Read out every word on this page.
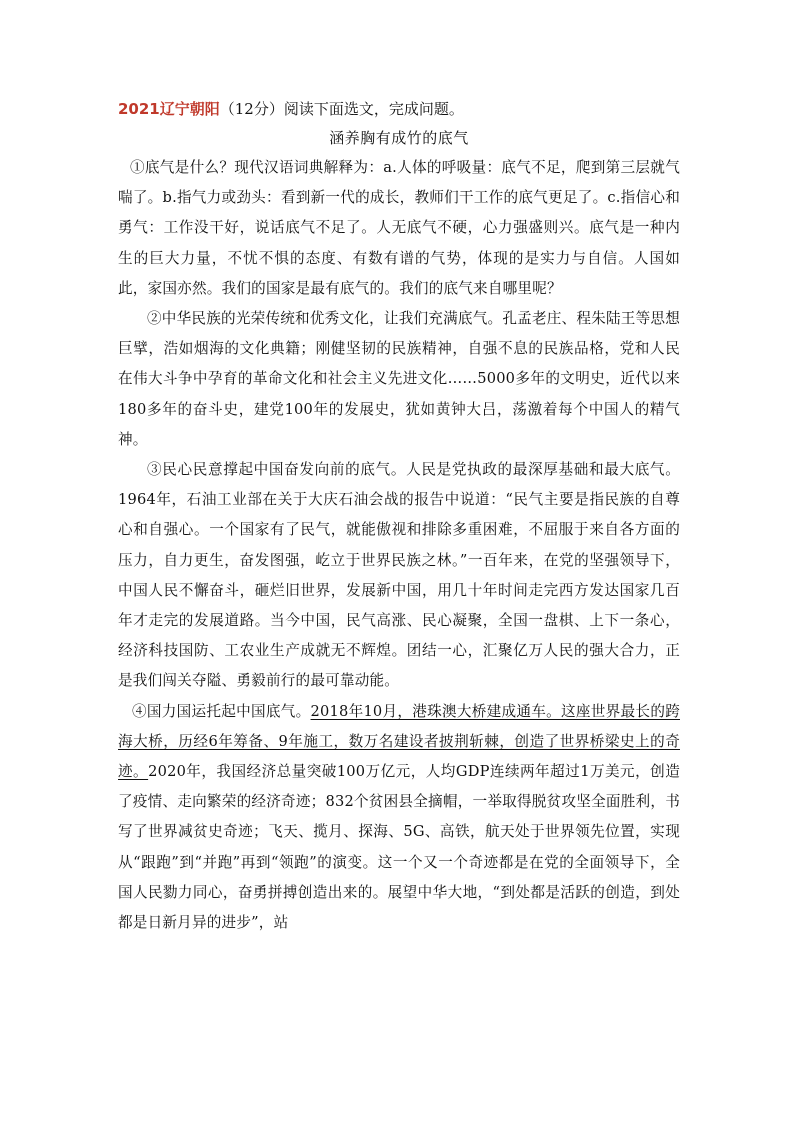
2021辽宁朝阳（12分）阅读下面选文，完成问题。

涵养胸有成竹的底气

①底气是什么？现代汉语词典解释为：a.人体的呼吸量：底气不足，爬到第三层就气喘了。b.指气力或劲头：看到新一代的成长，教师们干工作的底气更足了。c.指信心和勇气：工作没干好，说话底气不足了。人无底气不硬，心力强盛则兴。底气是一种内生的巨大力量，不忧不惧的态度、有数有谱的气势，体现的是实力与自信。人国如此，家国亦然。我们的国家是最有底气的。我们的底气来自哪里呢？

②中华民族的光荣传统和优秀文化，让我们充满底气。孔孟老庄、程朱陆王等思想巨擘，浩如烟海的文化典籍；刚健坚韧的民族精神，自强不息的民族品格，党和人民在伟大斗争中孕育的革命文化和社会主义先进文化……5000多年的文明史，近代以来180多年的奋斗史，建党100年的发展史，犹如黄钟大吕，荡激着每个中国人的精气神。

③民心民意撑起中国奋发向前的底气。人民是党执政的最深厚基础和最大底气。1964年，石油工业部在关于大庆石油会战的报告中说道：“民气主要是指民族的自尊心和自强心。一个国家有了民气，就能傲视和排除多重困难，不屈服于来自各方面的压力，自力更生，奋发图强，屹立于世界民族之林。”一百年来，在党的坚强领导下，中国人民不懈奋斗，砸烂旧世界，发展新中国，用几十年时间走完西方发达国家几百年才走完的发展道路。当今中国，民气高涨、民心凝聚，全国一盘棋、上下一条心，经济科技国防、工农业生产成就无不辉煌。团结一心，汇聚亿万人民的强大合力，正是我们闯关夺隘、勇毅前行的最可靠动能。

④国力国运托起中国底气。2018年10月，港珠澳大桥建成通车。这座世界最长的跨海大桥，历经6年筹备、9年施工，数万名建设者披荆斩棘，创造了世界桥梁史上的奇迹。2020年，我国经济总量突破100万亿元，人均GDP连续两年超过1万美元，创造了疫情、走向繁荣的经济奇迹；832个贫困县全摘帽，一举取得脱贫攻坚全面胜利，书写了世界减贫史奇迹；飞天、揽月、探海、5G、高铁，航天处于世界领先位置，实现从“跟跑”到“并跑”再到“领跑”的演变。这一个又一个奇迹都是在党的全面领导下，全国人民勠力同心，奋勇拼搏创造出来的。展望中华大地，“到处都是活跃的创造，到处都是日新月异的进步”，站
